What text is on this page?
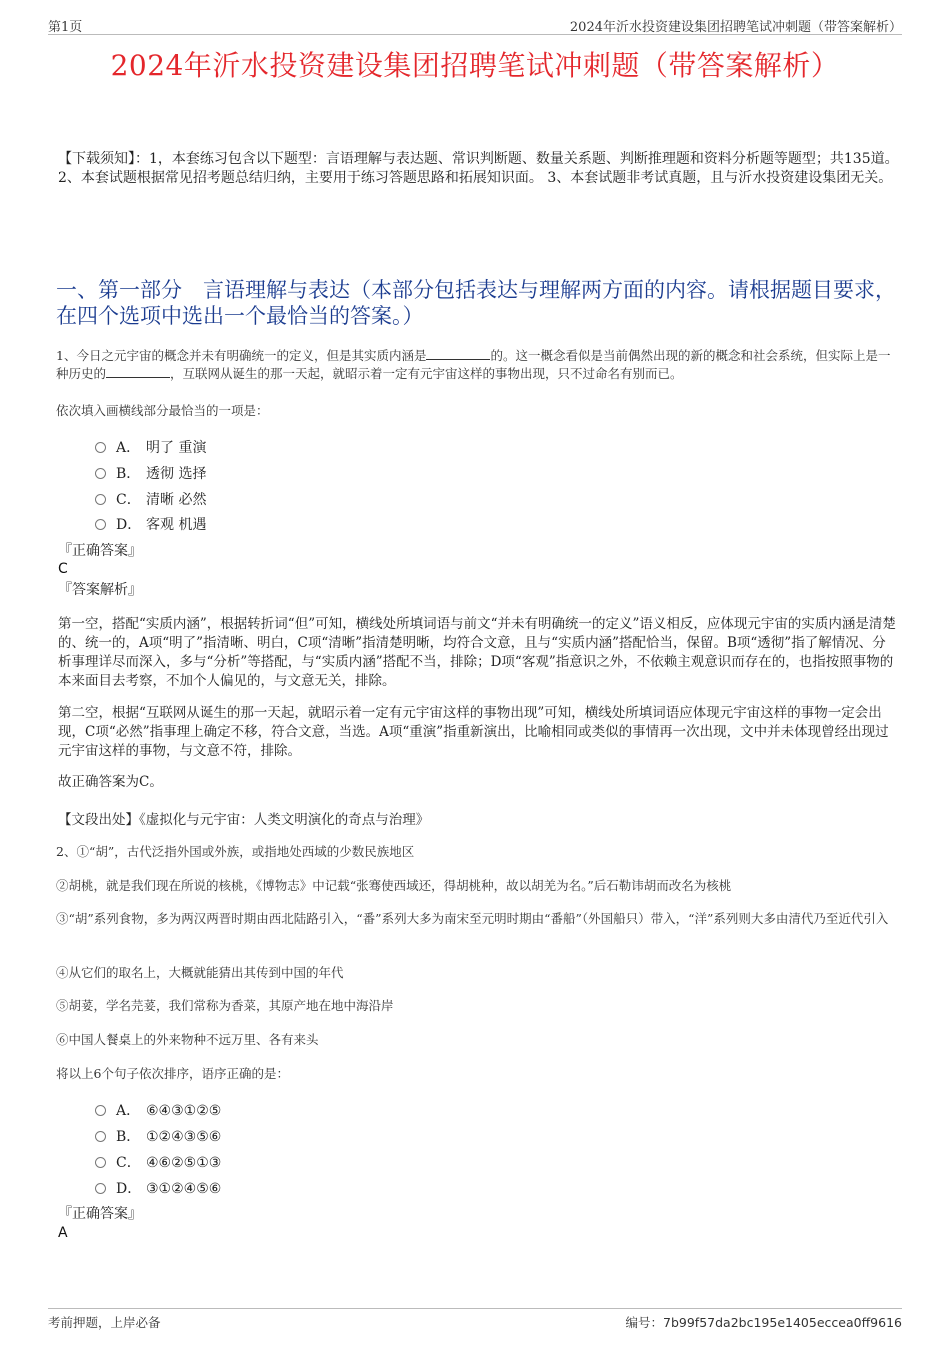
第1页	2024年沂水投资建设集团招聘笔试冲刺题（带答案解析）
2024年沂水投资建设集团招聘笔试冲刺题（带答案解析）
【下载须知】：1，本套练习包含以下题型：言语理解与表达题、常识判断题、数量关系题、判断推理题和资料分析题等题型；共135道。 2、本套试题根据常见招考题总结归纳，主要用于练习答题思路和拓展知识面。 3、本套试题非考试真题，且与沂水投资建设集团无关。
一、第一部分　言语理解与表达（本部分包括表达与理解两方面的内容。请根据题目要求，在四个选项中选出一个最恰当的答案。）
1、今日之元宇宙的概念并未有明确统一的定义，但是其实质内涵是	的。这一概念看似是当前偶然出现的新的概念和社会系统，但实际上是一种历史的	，互联网从诞生的那一天起，就昭示着一定有元宇宙这样的事物出现，只不过命名有别而已。
依次填入画横线部分最恰当的一项是：
A． 明了 重演
B． 透彻 选择
C． 清晰 必然
D． 客观 机遇
『正确答案』
C
『答案解析』
第一空，搭配“实质内涵”，根据转折词“但”可知，横线处所填词语与前文“并未有明确统一的定义”语义相反，应体现元宇宙的实质内涵是清楚的、统一的，A项“明了”指清晰、明白，C项“清晰”指清楚明晰，均符合文意，且与“实质内涵”搭配恰当，保留。B项“透彻”指了解情况、分析事理详尽而深入，多与“分析”等搭配，与“实质内涵”搭配不当，排除；D项“客观”指意识之外，不依赖主观意识而存在的，也指按照事物的本来面目去考察，不加个人偏见的，与文意无关，排除。
第二空，根据“互联网从诞生的那一天起，就昭示着一定有元宇宙这样的事物出现”可知，横线处所填词语应体现元宇宙这样的事物一定会出现，C项“必然”指事理上确定不移，符合文意，当选。A项“重演”指重新演出，比喻相同或类似的事情再一次出现，文中并未体现曾经出现过元宇宙这样的事物，与文意不符，排除。
故正确答案为C。
【文段出处】《虚拟化与元宇宙：人类文明演化的奇点与治理》
2、①“胡”，古代泛指外国或外族，或指地处西域的少数民族地区
②胡桃，就是我们现在所说的核桃，《博物志》中记载“张骞使西域还，得胡桃种，故以胡羌为名。”后石勒讳胡而改名为核桃
③“胡”系列食物，多为两汉两晋时期由西北陆路引入，“番”系列大多为南宋至元明时期由“番船”（外国船只）带入，“洋”系列则大多由清代乃至近代引入
④从它们的取名上，大概就能猜出其传到中国的年代
⑤胡荽，学名芫荽，我们常称为香菜，其原产地在地中海沿岸
⑥中国人餐桌上的外来物种不远万里、各有来头
将以上6个句子依次排序，语序正确的是：
A． ⑥④③①②⑤
B． ①②④③⑤⑥
C． ④⑥②⑤①③
D． ③①②④⑤⑥
『正确答案』
A
考前押题，上岸必备	编号：7b99f57da2bc195e1405eccea0ff9616
